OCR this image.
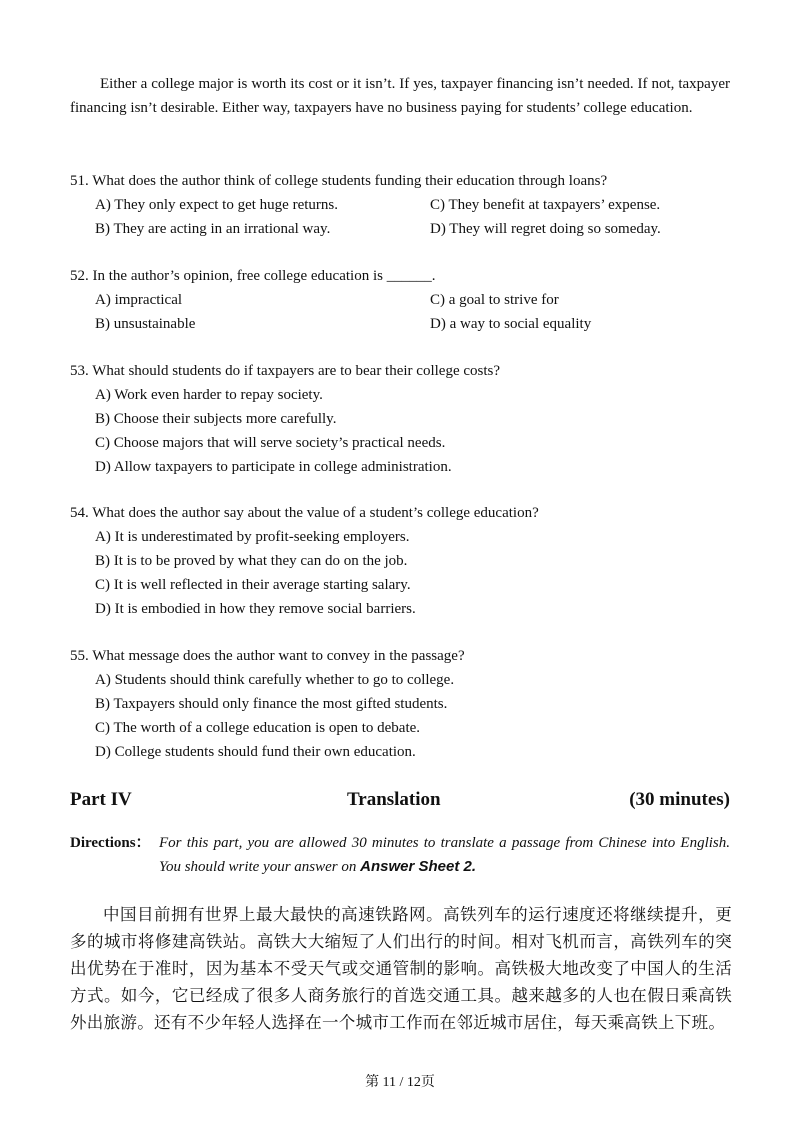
Either a college major is worth its cost or it isn’t. If yes, taxpayer financing isn’t needed. If not, taxpayer financing isn’t desirable. Either way, taxpayers have no business paying for students’ college education.

51. What does the author think of college students funding their education through loans?
A) They only expect to get huge returns.	C) They benefit at taxpayers’ expense.
B) They are acting in an irrational way.	D) They will regret doing so someday.
52. In the author’s opinion, free college education is ______.
A) impractical	C) a goal to strive for
B) unsustainable	D) a way to social equality
53. What should students do if taxpayers are to bear their college costs?
A) Work even harder to repay society.
B) Choose their subjects more carefully.
C) Choose majors that will serve society’s practical needs.
D) Allow taxpayers to participate in college administration.
54. What does the author say about the value of a student’s college education?
A) It is underestimated by profit-seeking employers.
B) It is to be proved by what they can do on the job.
C) It is well reflected in their average starting salary.
D) It is embodied in how they remove social barriers.
55. What message does the author want to convey in the passage?
A) Students should think carefully whether to go to college.
B) Taxpayers should only finance the most gifted students.
C) The worth of a college education is open to debate.
D) College students should fund their own education.
Part IV	Translation	(30 minutes)
Directions： For this part, you are allowed 30 minutes to translate a passage from Chinese into English. You should write your answer on Answer Sheet 2.

中国目前拥有世界上最大最快的高速铁路网。高铁列车的运行速度还将继续提升，更多的城市将修建高铁站。高铁大大缩短了人们出行的时间。相对飞机而言，高铁列车的突出优势在于准时，因为基本不受天气或交通管制的影响。高铁极大地改变了中国人的生活方式。如今，它已经成了很多人商务旅行的首选交通工具。越来越多的人也在假日乘高铁外出旅游。还有不少年轻人选择在一个城市工作而在邻近城市居住，每天乘高铁上下班。

第 11 / 12页
